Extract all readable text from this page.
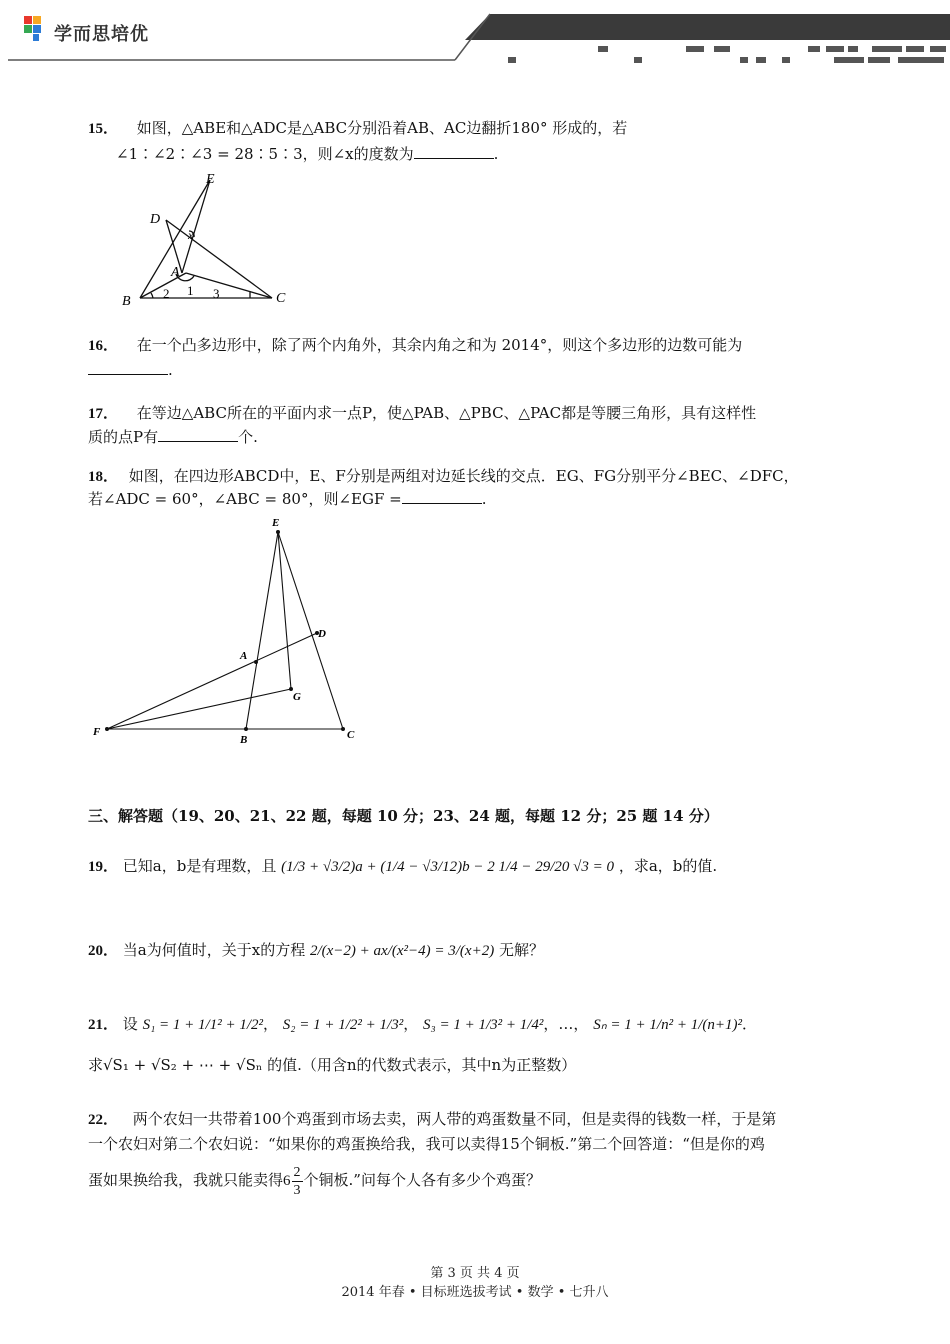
学而思培优
15． 如图，△ABE和△ADC是△ABC分别沿着AB、AC边翻折180° 形成的，若
∠1∶∠2∶∠3 = 28∶5∶3，则∠x的度数为	.
E
D
x
A
B	C
1
2	3
16． 在一个凸多边形中，除了两个内角外，其余内角之和为 2014°，则这个多边形的边数可能为
.
17． 在等边△ABC所在的平面内求一点P，使△PAB、△PBC、△PAC都是等腰三角形，具有这样性
质的点P有	个.
18． 如图，在四边形ABCD中，E、F分别是两组对边延长线的交点．EG、FG分别平分∠BEC、∠DFC，
若∠ADC = 60°，∠ABC = 80°，则∠EGF =	.
E
D
A
G
F
B	C
三、解答题（19、20、21、22 题，每题 10 分；23、24 题，每题 12 分；25 题 14 分）
19． 已知a，b是有理数，且 (1/3 + √3/2)a + (1/4 − √3/12)b − 2 1/4 − 29/20 √3 = 0 ，求a，b的值.
20． 当a为何值时，关于x的方程 2/(x−2) + ax/(x²−4) = 3/(x+2) 无解？
21． 设 S₁ = 1 + 1/1² + 1/2²， S₂ = 1 + 1/2² + 1/3²， S₃ = 1 + 1/3² + 1/4²，…， Sₙ = 1 + 1/n² + 1/(n+1)²．
求√S₁ + √S₂ + ⋯ + √Sₙ 的值.（用含n的代数式表示，其中n为正整数）
22． 两个农妇一共带着100个鸡蛋到市场去卖，两人带的鸡蛋数量不同，但是卖得的钱数一样，于是第
一个农妇对第二个农妇说：“如果你的鸡蛋换给我，我可以卖得15个铜板.”第二个回答道：“但是你的鸡
蛋如果换给我，我就只能卖得$6 \frac{2}{3}$ 个铜板.”问每个人各有多少个鸡蛋？
第 3 页 共 4 页
2014 年春 • 目标班选拔考试 • 数学 • 七升八
